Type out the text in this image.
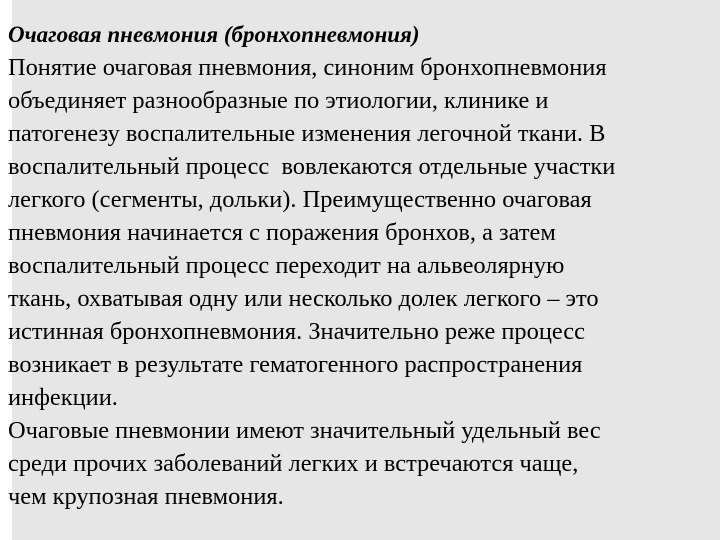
Очаговая пневмония (бронхопневмония)

Понятие очаговая пневмония, синоним бронхопневмония
объединяет разнообразные по этиологии, клинике и
патогенезу воспалительные изменения легочной ткани. В
воспалительный процесс  вовлекаются отдельные участки
легкого (сегменты, дольки). Преимущественно очаговая
пневмония начинается с поражения бронхов, а затем
воспалительный процесс переходит на альвеолярную
ткань, охватывая одну или несколько долек легкого – это
истинная бронхопневмония. Значительно реже процесс
возникает в результате гематогенного распространения
инфекции.

Очаговые пневмонии имеют значительный удельный вес
среди прочих заболеваний легких и встречаются чаще,
чем крупозная пневмония.
